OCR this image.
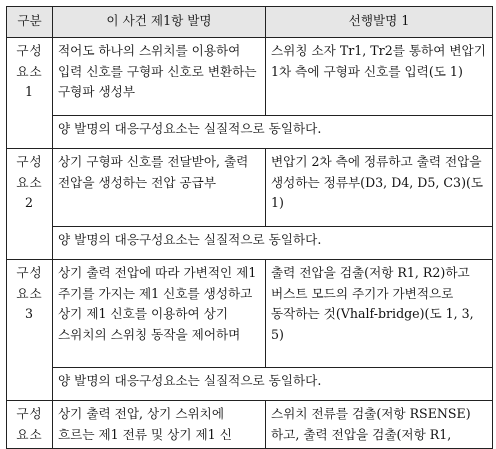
구분	이 사건 제1항 발명	선행발명 1

구성
요소
1	적어도 하나의 스위치를 이용하여 입력 신호를 구형파 신호로 변환하는 구형파 생성부	스위칭 소자 Tr1, Tr2를 통하여 변압기 1차 측에 구형파 신호를 입력(도 1)
	양 발명의 대응구성요소는 실질적으로 동일하다.	

구성
요소
2	상기 구형파 신호를 전달받아, 출력 전압을 생성하는 전압 공급부	변압기 2차 측에 정류하고 출력 전압을 생성하는 정류부(D3, D4, D5, C3)(도 1)
	양 발명의 대응구성요소는 실질적으로 동일하다.	

구성
요소
3	상기 출력 전압에 따라 가변적인 제1 주기를 가지는 제1 신호를 생성하고 상기 제1 신호를 이용하여 상기 스위치의 스위칭 동작을 제어하며	출력 전압을 검출(저항 R1, R2)하고 버스트 모드의 주기가 가변적으로 동작하는 것(Vhalf-bridge)(도 1, 3, 5)
	양 발명의 대응구성요소는 실질적으로 동일하다.	

구성
요소	상기 출력 전압, 상기 스위치에 흐르는 제1 전류 및 상기 제1 신	스위치 전류를 검출(저항 RSENSE)하고, 출력 전압을 검출(저항 R1,
